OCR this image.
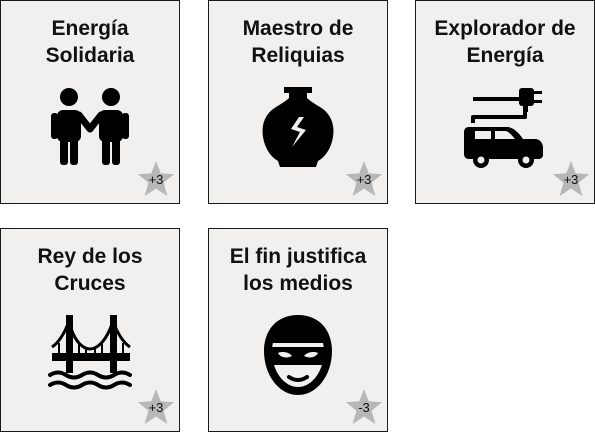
Energía Solidaria

+3

Maestro de Reliquias

+3

Explorador de Energía

+3

Rey de los Cruces

+3

El fin justifica los medios

-3
